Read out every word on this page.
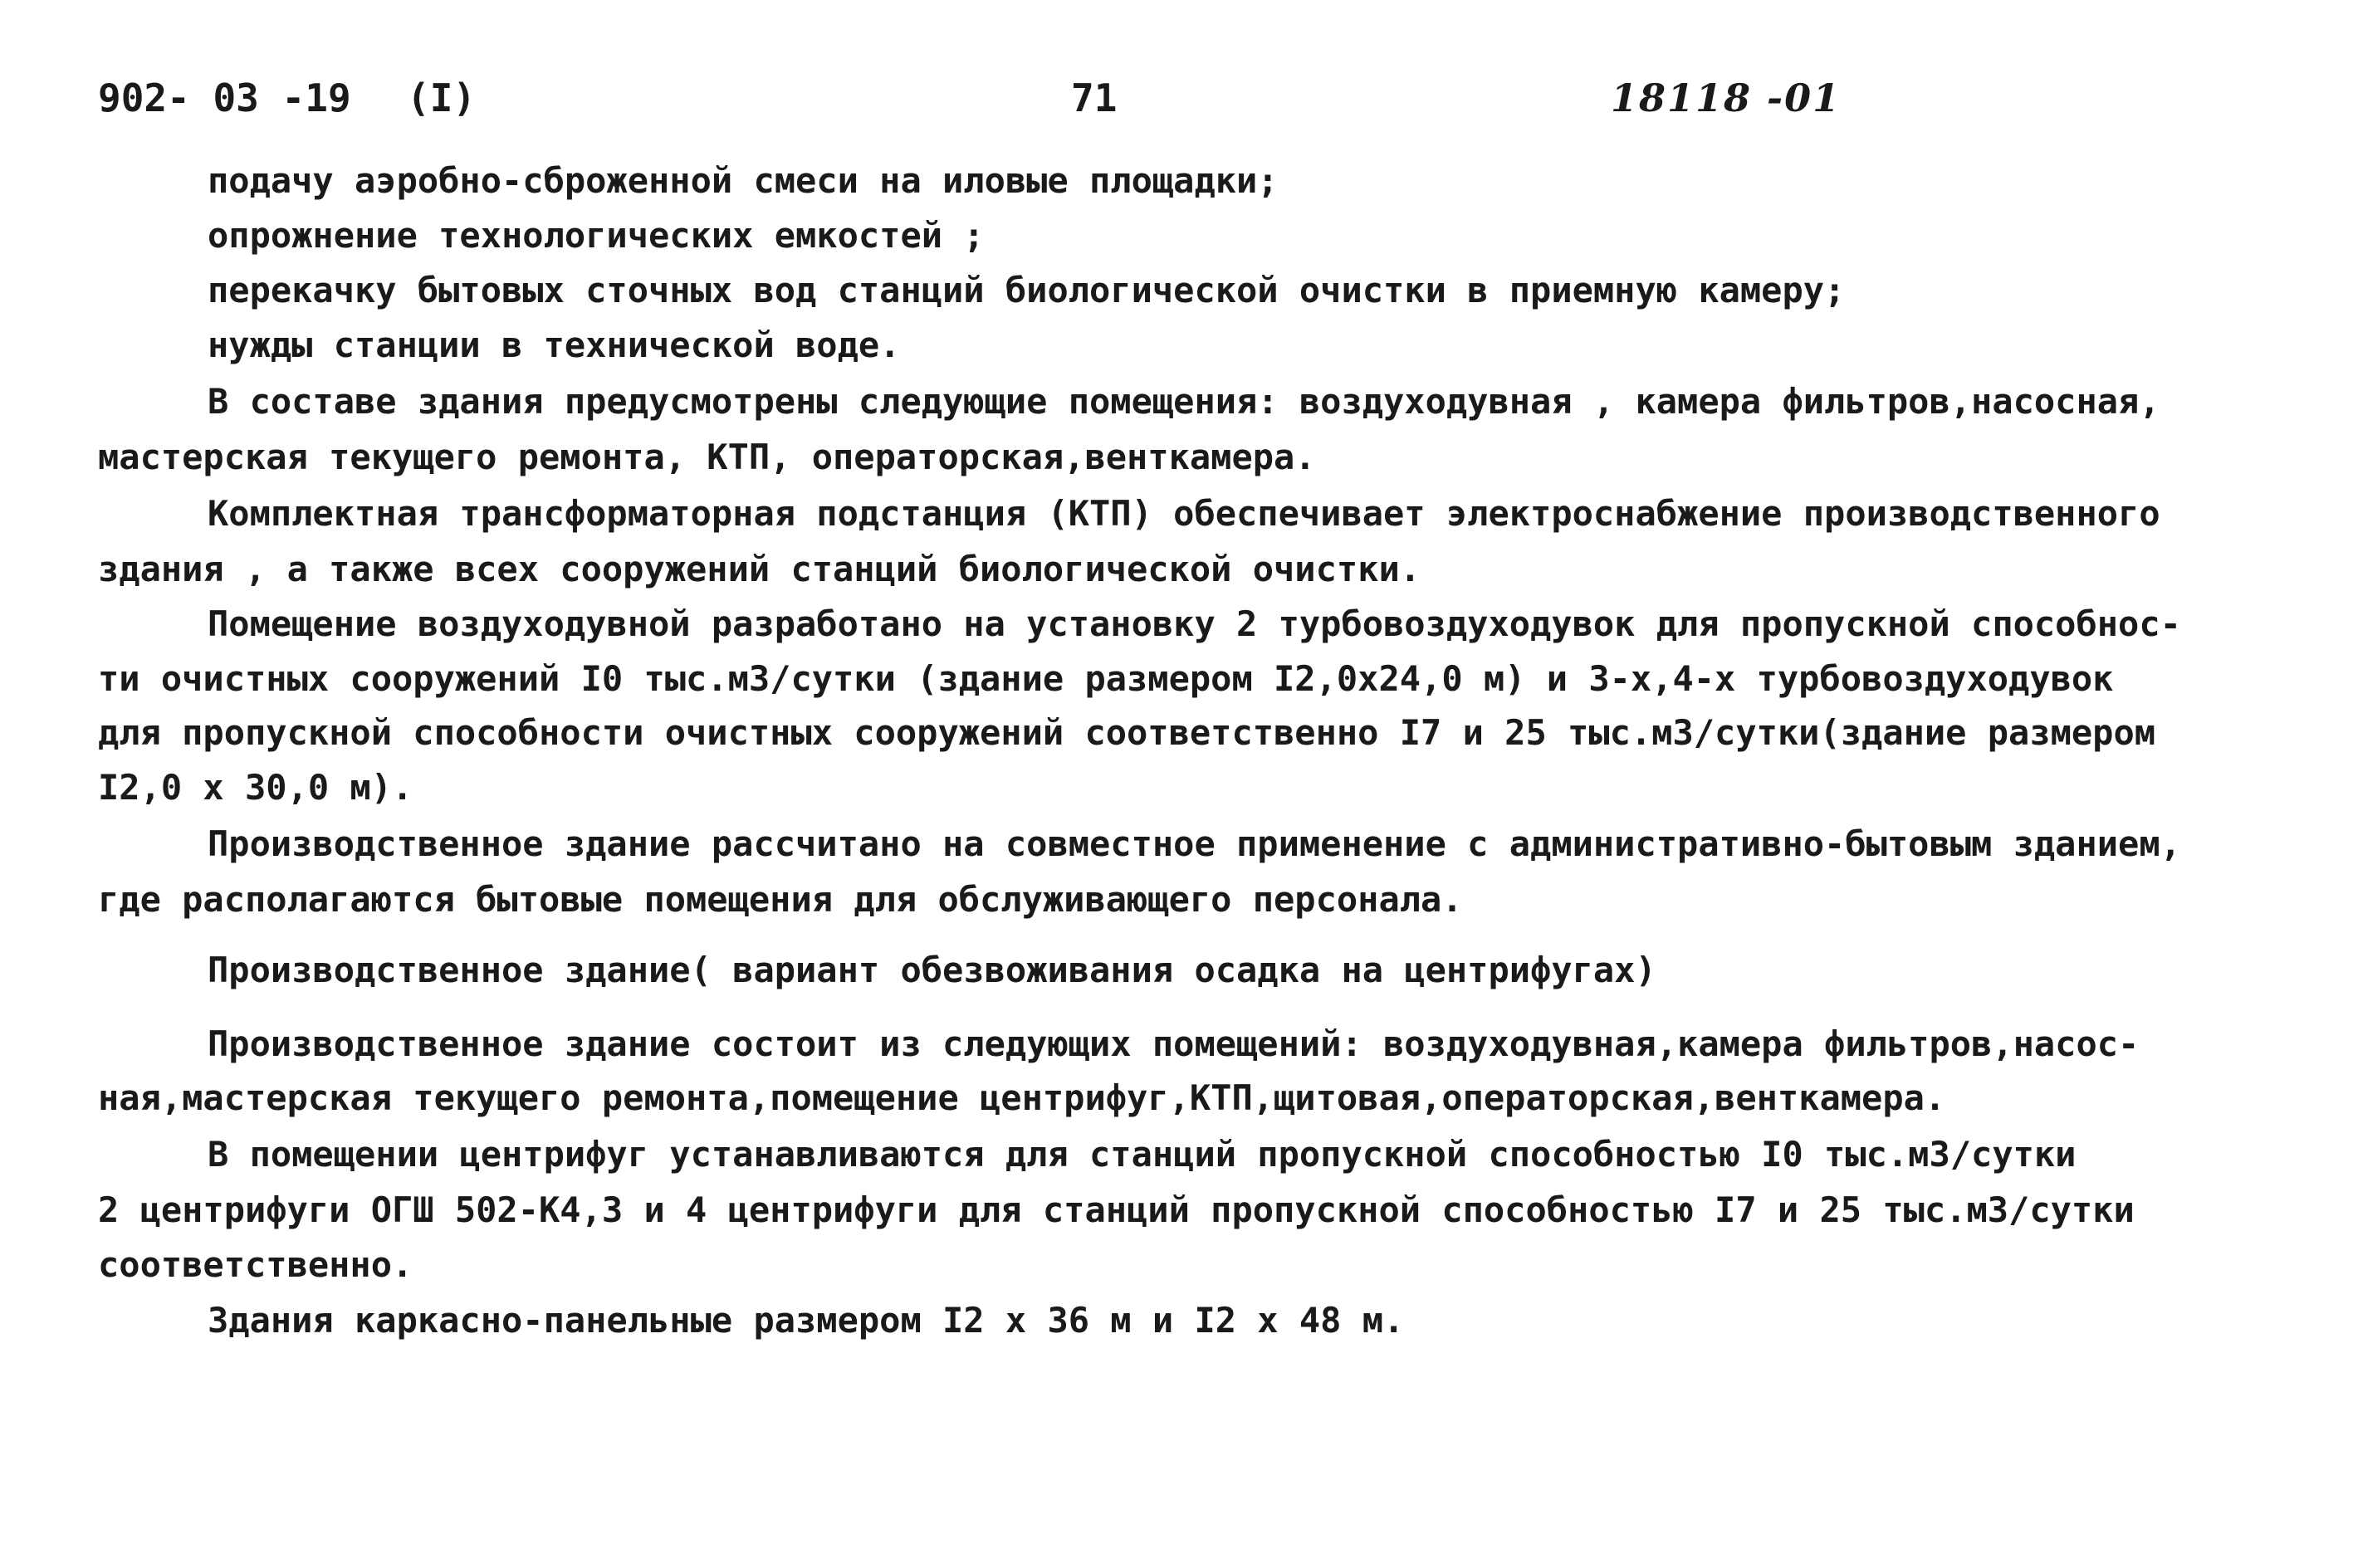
902- 03 -19 (I)	71	18118 -01
подачу аэробно-сброженной смеси на иловые площадки;
опрожнение технологических емкостей ;
перекачку бытовых сточных вод станций биологической очистки в приемную камеру;
нужды станции в технической воде.
В составе здания предусмотрены следующие помещения: воздуходувная , камера фильтров,насосная,
мастерская текущего ремонта, КТП, операторская,венткамера.
Комплектная трансформаторная подстанция (КТП) обеспечивает электроснабжение производственного
здания , а также всех сооружений станций биологической очистки.
Помещение воздуходувной разработано на установку 2 турбовоздуходувок для пропускной способнос-
ти очистных сооружений I0 тыс.м3/сутки (здание размером I2,0х24,0 м) и 3-х,4-х турбовоздуходувок
для пропускной способности очистных сооружений соответственно I7 и 25 тыс.м3/сутки(здание размером
I2,0 х 30,0 м).
Производственное здание рассчитано на совместное применение с административно-бытовым зданием,
где располагаются бытовые помещения для обслуживающего персонала.
Производственное здание( вариант обезвоживания осадка на центрифугах)
Производственное здание состоит из следующих помещений: воздуходувная,камера фильтров,насос-
ная,мастерская текущего ремонта,помещение центрифуг,КТП,щитовая,операторская,венткамера.
В помещении центрифуг устанавливаются для станций пропускной способностью I0 тыс.м3/сутки
2 центрифуги ОГШ 502-К4,3 и 4 центрифуги для станций пропускной способностью I7 и 25 тыс.м3/сутки
соответственно.
Здания каркасно-панельные размером I2 х 36 м и I2 х 48 м.
